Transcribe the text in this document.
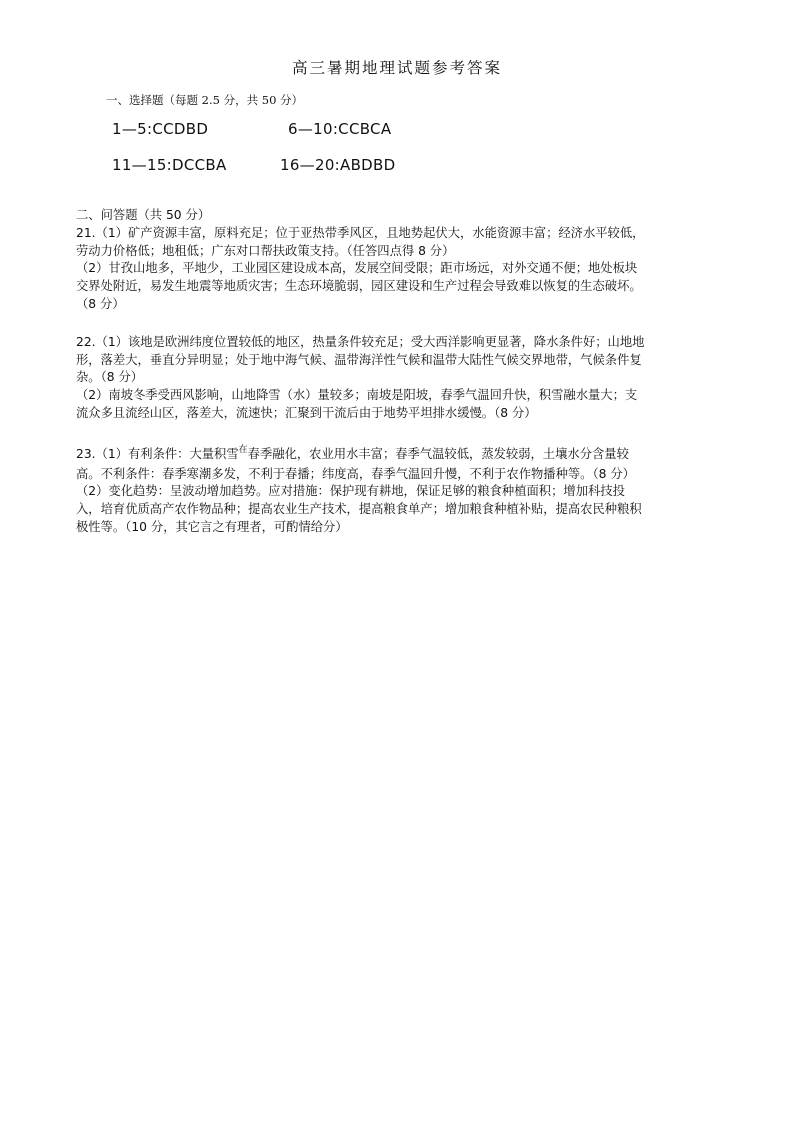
高三暑期地理试题参考答案
一、选择题（每题 2.5 分，共 50 分）
1—5:CCDBD	6—10:CCBCA
11—15:DCCBA	16—20:ABDBD
二、问答题（共 50 分）
21.（1）矿产资源丰富，原料充足；位于亚热带季风区，且地势起伏大，水能资源丰富；经济水平较低，
劳动力价格低；地租低；广东对口帮扶政策支持。（任答四点得 8 分）
（2）甘孜山地多，平地少，工业园区建设成本高，发展空间受限；距市场远，对外交通不便；地处板块
交界处附近，易发生地震等地质灾害；生态环境脆弱，园区建设和生产过程会导致难以恢复的生态破坏。
（8 分）
22.（1）该地是欧洲纬度位置较低的地区，热量条件较充足；受大西洋影响更显著，降水条件好；山地地
形，落差大，垂直分异明显；处于地中海气候、温带海洋性气候和温带大陆性气候交界地带，气候条件复
杂。（8 分）
（2）南坡冬季受西风影响，山地降雪（水）量较多；南坡是阳坡，春季气温回升快，积雪融水量大；支
流众多且流经山区，落差大，流速快；汇聚到干流后由于地势平坦排水缓慢。（8 分）
23.（1）有利条件：大量积雪$^在$春季融化，农业用水丰富；春季气温较低，蒸发较弱，土壤水分含量较
高。不利条件：春季寒潮多发，不利于春播；纬度高，春季气温回升慢，不利于农作物播种等。（8 分）
（2）变化趋势：呈波动增加趋势。应对措施：保护现有耕地，保证足够的粮食种植面积；增加科技投
入，培育优质高产农作物品种；提高农业生产技术，提高粮食单产；增加粮食种植补贴，提高农民种粮积
极性等。（10 分，其它言之有理者，可酌情给分）
